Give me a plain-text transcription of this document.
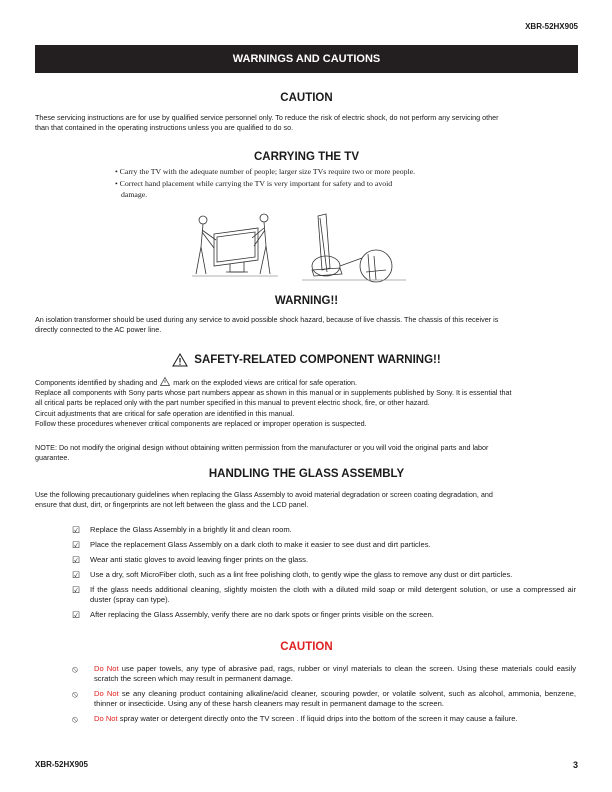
XBR-52HX905
WARNINGS AND CAUTIONS
CAUTION
These servicing instructions are for use by qualified service personnel only. To reduce the risk of electric shock, do not perform any servicing other
than that contained in the operating instructions unless you are qualified to do so.
CARRYING THE TV
• Carry the TV with the adequate number of people; larger size TVs require two or more people.
• Correct hand placement while carrying the TV is very important for safety and to avoid
damage.
WARNING!!
An isolation transformer should be used during any service to avoid possible shock hazard, because of live chassis. The chassis of this receiver is
directly connected to the AC power line.
SAFETY-RELATED COMPONENT WARNING!!
Components identified by shading and mark on the exploded views are critical for safe operation.
Replace all components with Sony parts whose part numbers appear as shown in this manual or in supplements published by Sony. It is essential that
all critical parts be replaced only with the part number specified in this manual to prevent electric shock, fire, or other hazard.
Circuit adjustments that are critical for safe operation are identified in this manual.
Follow these procedures whenever critical components are replaced or improper operation is suspected.
NOTE: Do not modify the original design without obtaining written permission from the manufacturer or you will void the original parts and labor
guarantee.
HANDLING THE GLASS ASSEMBLY
Use the following precautionary guidelines when replacing the Glass Assembly to avoid material degradation or screen coating degradation, and
ensure that dust, dirt, or fingerprints are not left between the glass and the LCD panel.
☑	Replace the Glass Assembly in a brightly lit and clean room.
☑	Place the replacement Glass Assembly on a dark cloth to make it easier to see dust and dirt particles.
☑	Wear anti static gloves to avoid leaving finger prints on the glass.
☑	Use a dry, soft MicroFiber cloth, such as a lint free polishing cloth, to gently wipe the glass to remove any dust or dirt particles.
☑	If the glass needs additional cleaning, slightly moisten the cloth with a diluted mild soap or mild detergent solution, or use a compressed air duster (spray can type).
☑	After replacing the Glass Assembly, verify there are no dark spots or finger prints visible on the screen.
CAUTION
⦸	Do Not use paper towels, any type of abrasive pad, rags, rubber or vinyl materials to clean the screen. Using these materials could easily scratch the screen which may result in permanent damage.
⦸	Do Not se any cleaning product containing alkaline/acid cleaner, scouring powder, or volatile solvent, such as alcohol, ammonia, benzene, thinner or insecticide. Using any of these harsh cleaners may result in permanent damage to the screen.
⦸	Do Not spray water or detergent directly onto the TV screen . If liquid drips into the bottom of the screen it may cause a failure.
XBR-52HX905	3
